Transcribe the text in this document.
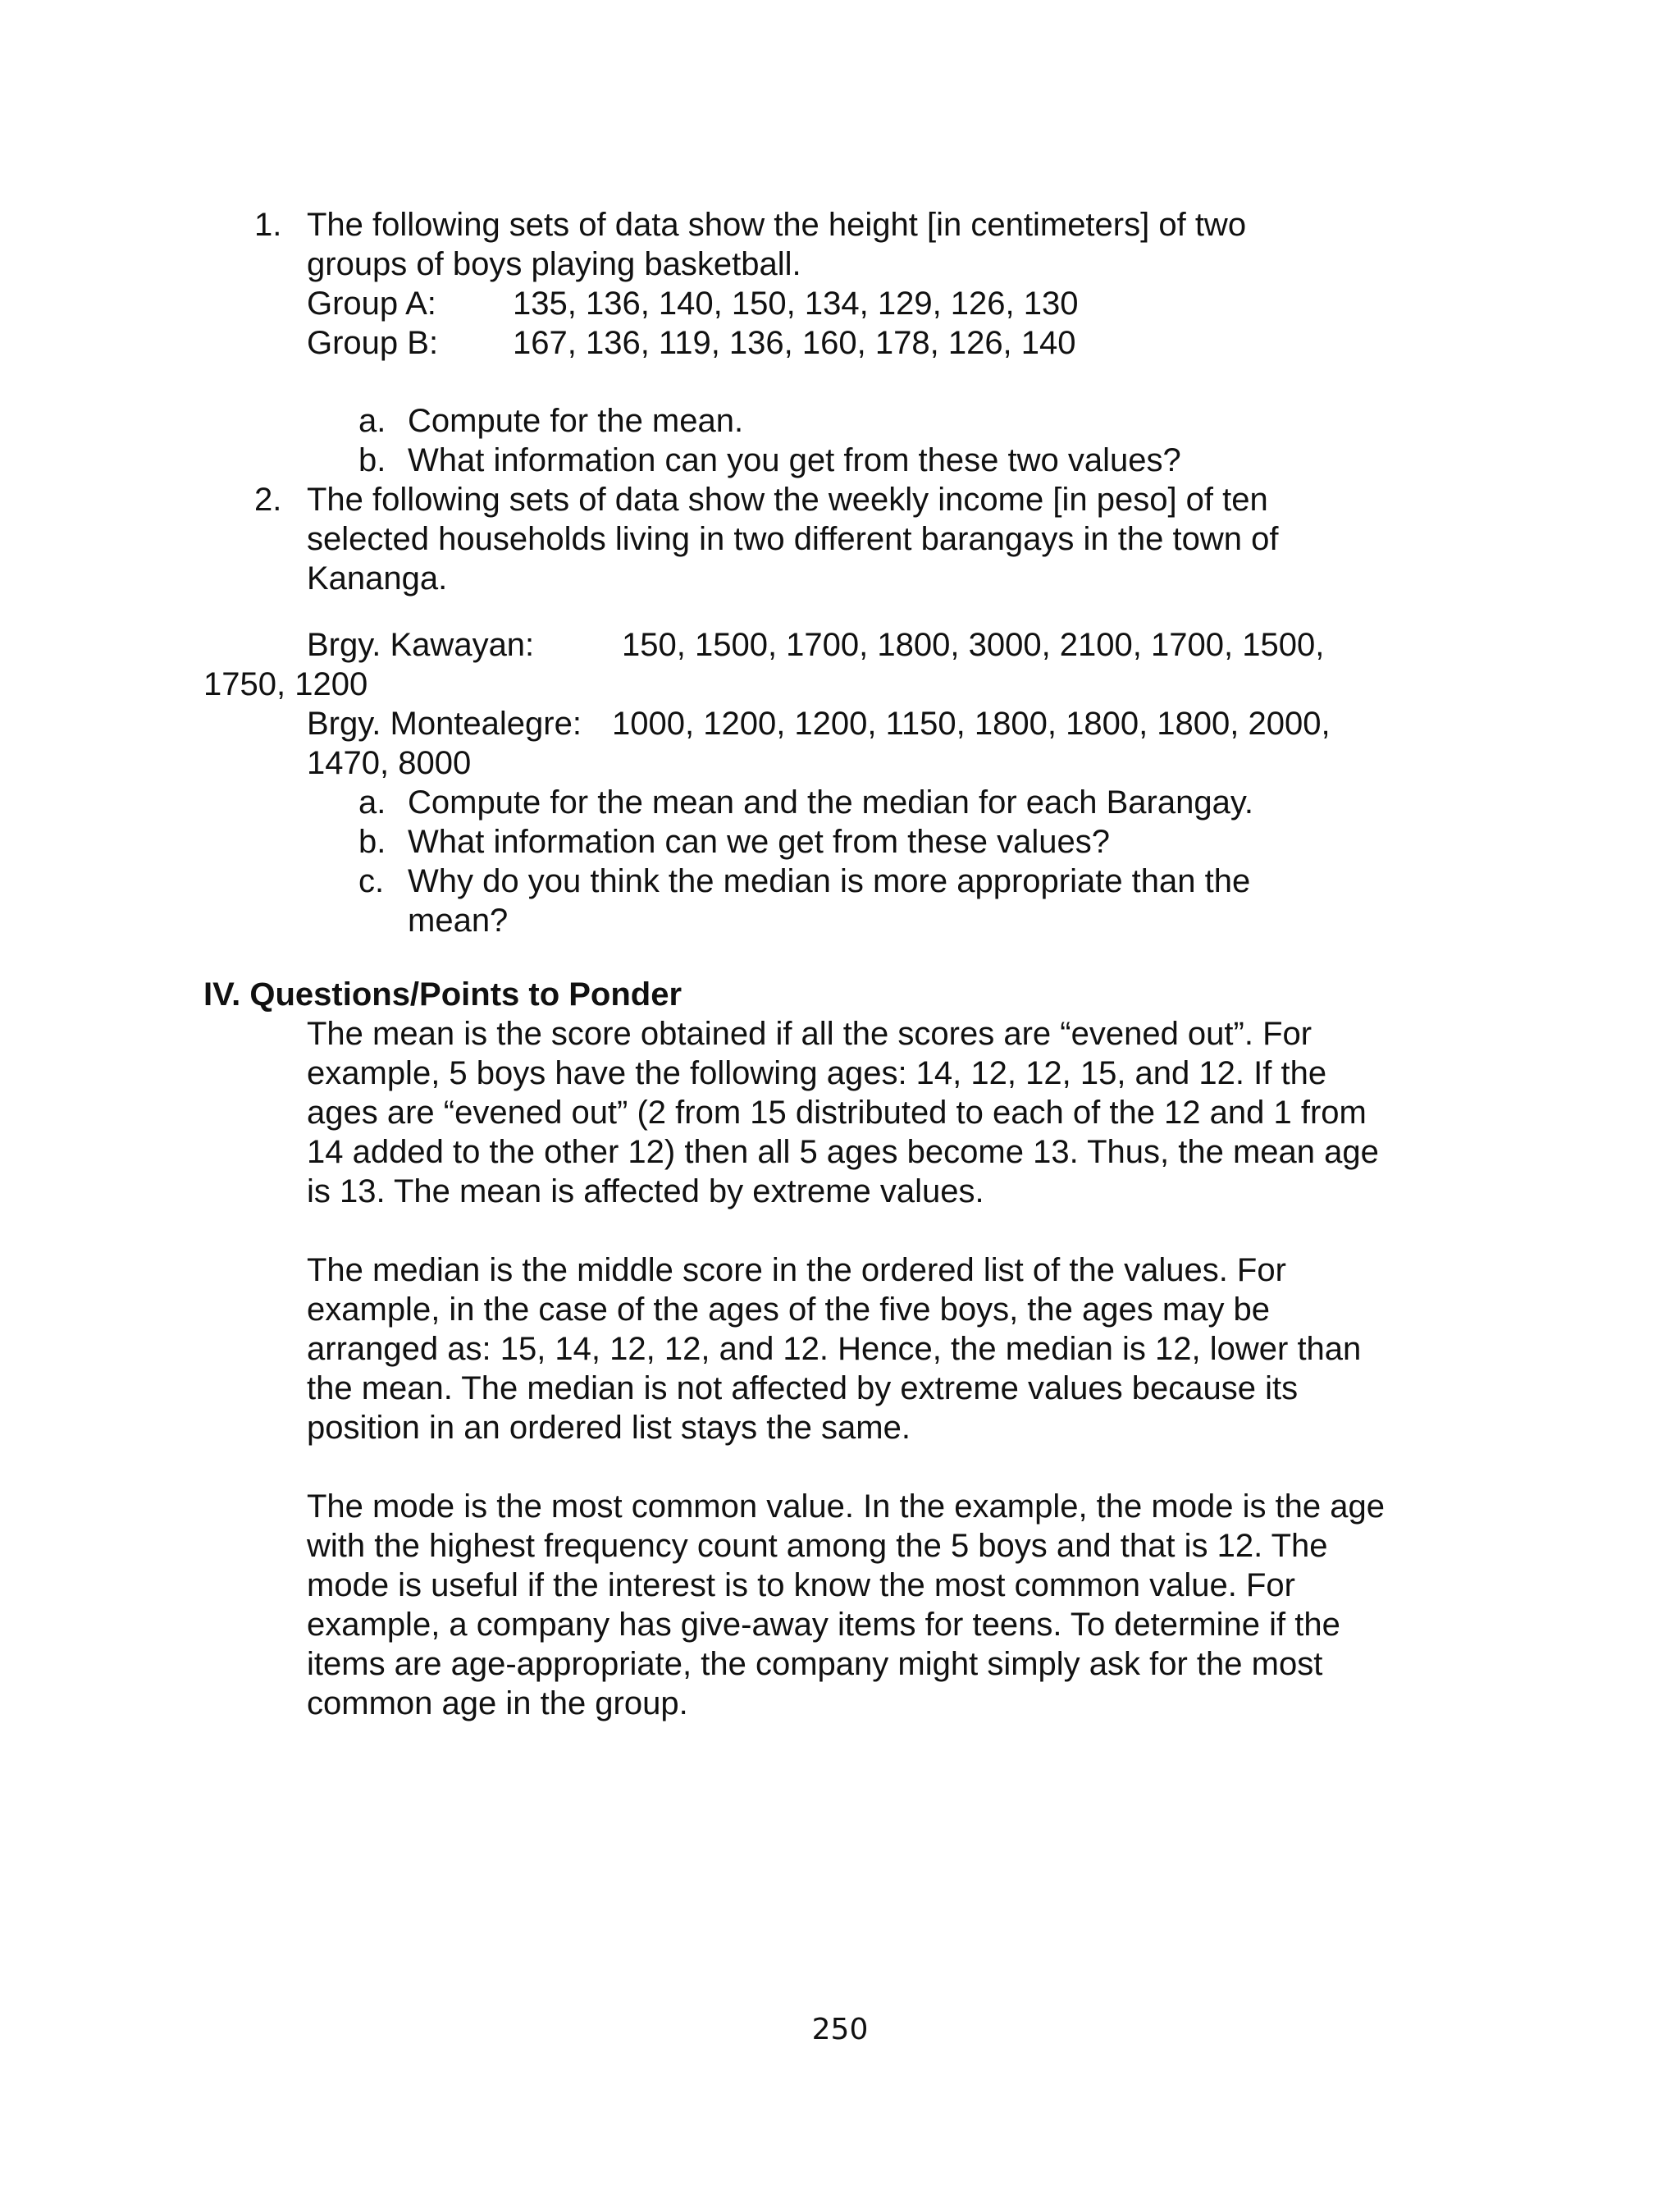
1. The following sets of data show the height [in centimeters] of two
groups of boys playing basketball.
Group A: 135, 136, 140, 150, 134, 129, 126, 130
Group B: 167, 136, 119, 136, 160, 178, 126, 140
a. Compute for the mean.
b. What information can you get from these two values?
2. The following sets of data show the weekly income [in peso] of ten
selected households living in two different barangays in the town of
Kananga.
Brgy. Kawayan:	150, 1500, 1700, 1800, 3000, 2100, 1700, 1500,
1750, 1200
Brgy. Montealegre: 1000, 1200, 1200, 1150, 1800, 1800, 1800, 2000,
1470, 8000
a. Compute for the mean and the median for each Barangay.
b. What information can we get from these values?
c. Why do you think the median is more appropriate than the
mean?
IV. Questions/Points to Ponder

The mean is the score obtained if all the scores are “evened out”. For example, 5 boys have the following ages: 14, 12, 12, 15, and 12. If the ages are “evened out” (2 from 15 distributed to each of the 12 and 1 from 14 added to the other 12) then all 5 ages become 13. Thus, the mean age is 13. The mean is affected by extreme values.

The median is the middle score in the ordered list of the values. For example, in the case of the ages of the five boys, the ages may be arranged as: 15, 14, 12, 12, and 12. Hence, the median is 12, lower than the mean. The median is not affected by extreme values because its position in an ordered list stays the same.

The mode is the most common value. In the example, the mode is the age with the highest frequency count among the 5 boys and that is 12. The mode is useful if the interest is to know the most common value. For example, a company has give-away items for teens. To determine if the items are age-appropriate, the company might simply ask for the most common age in the group.

250
